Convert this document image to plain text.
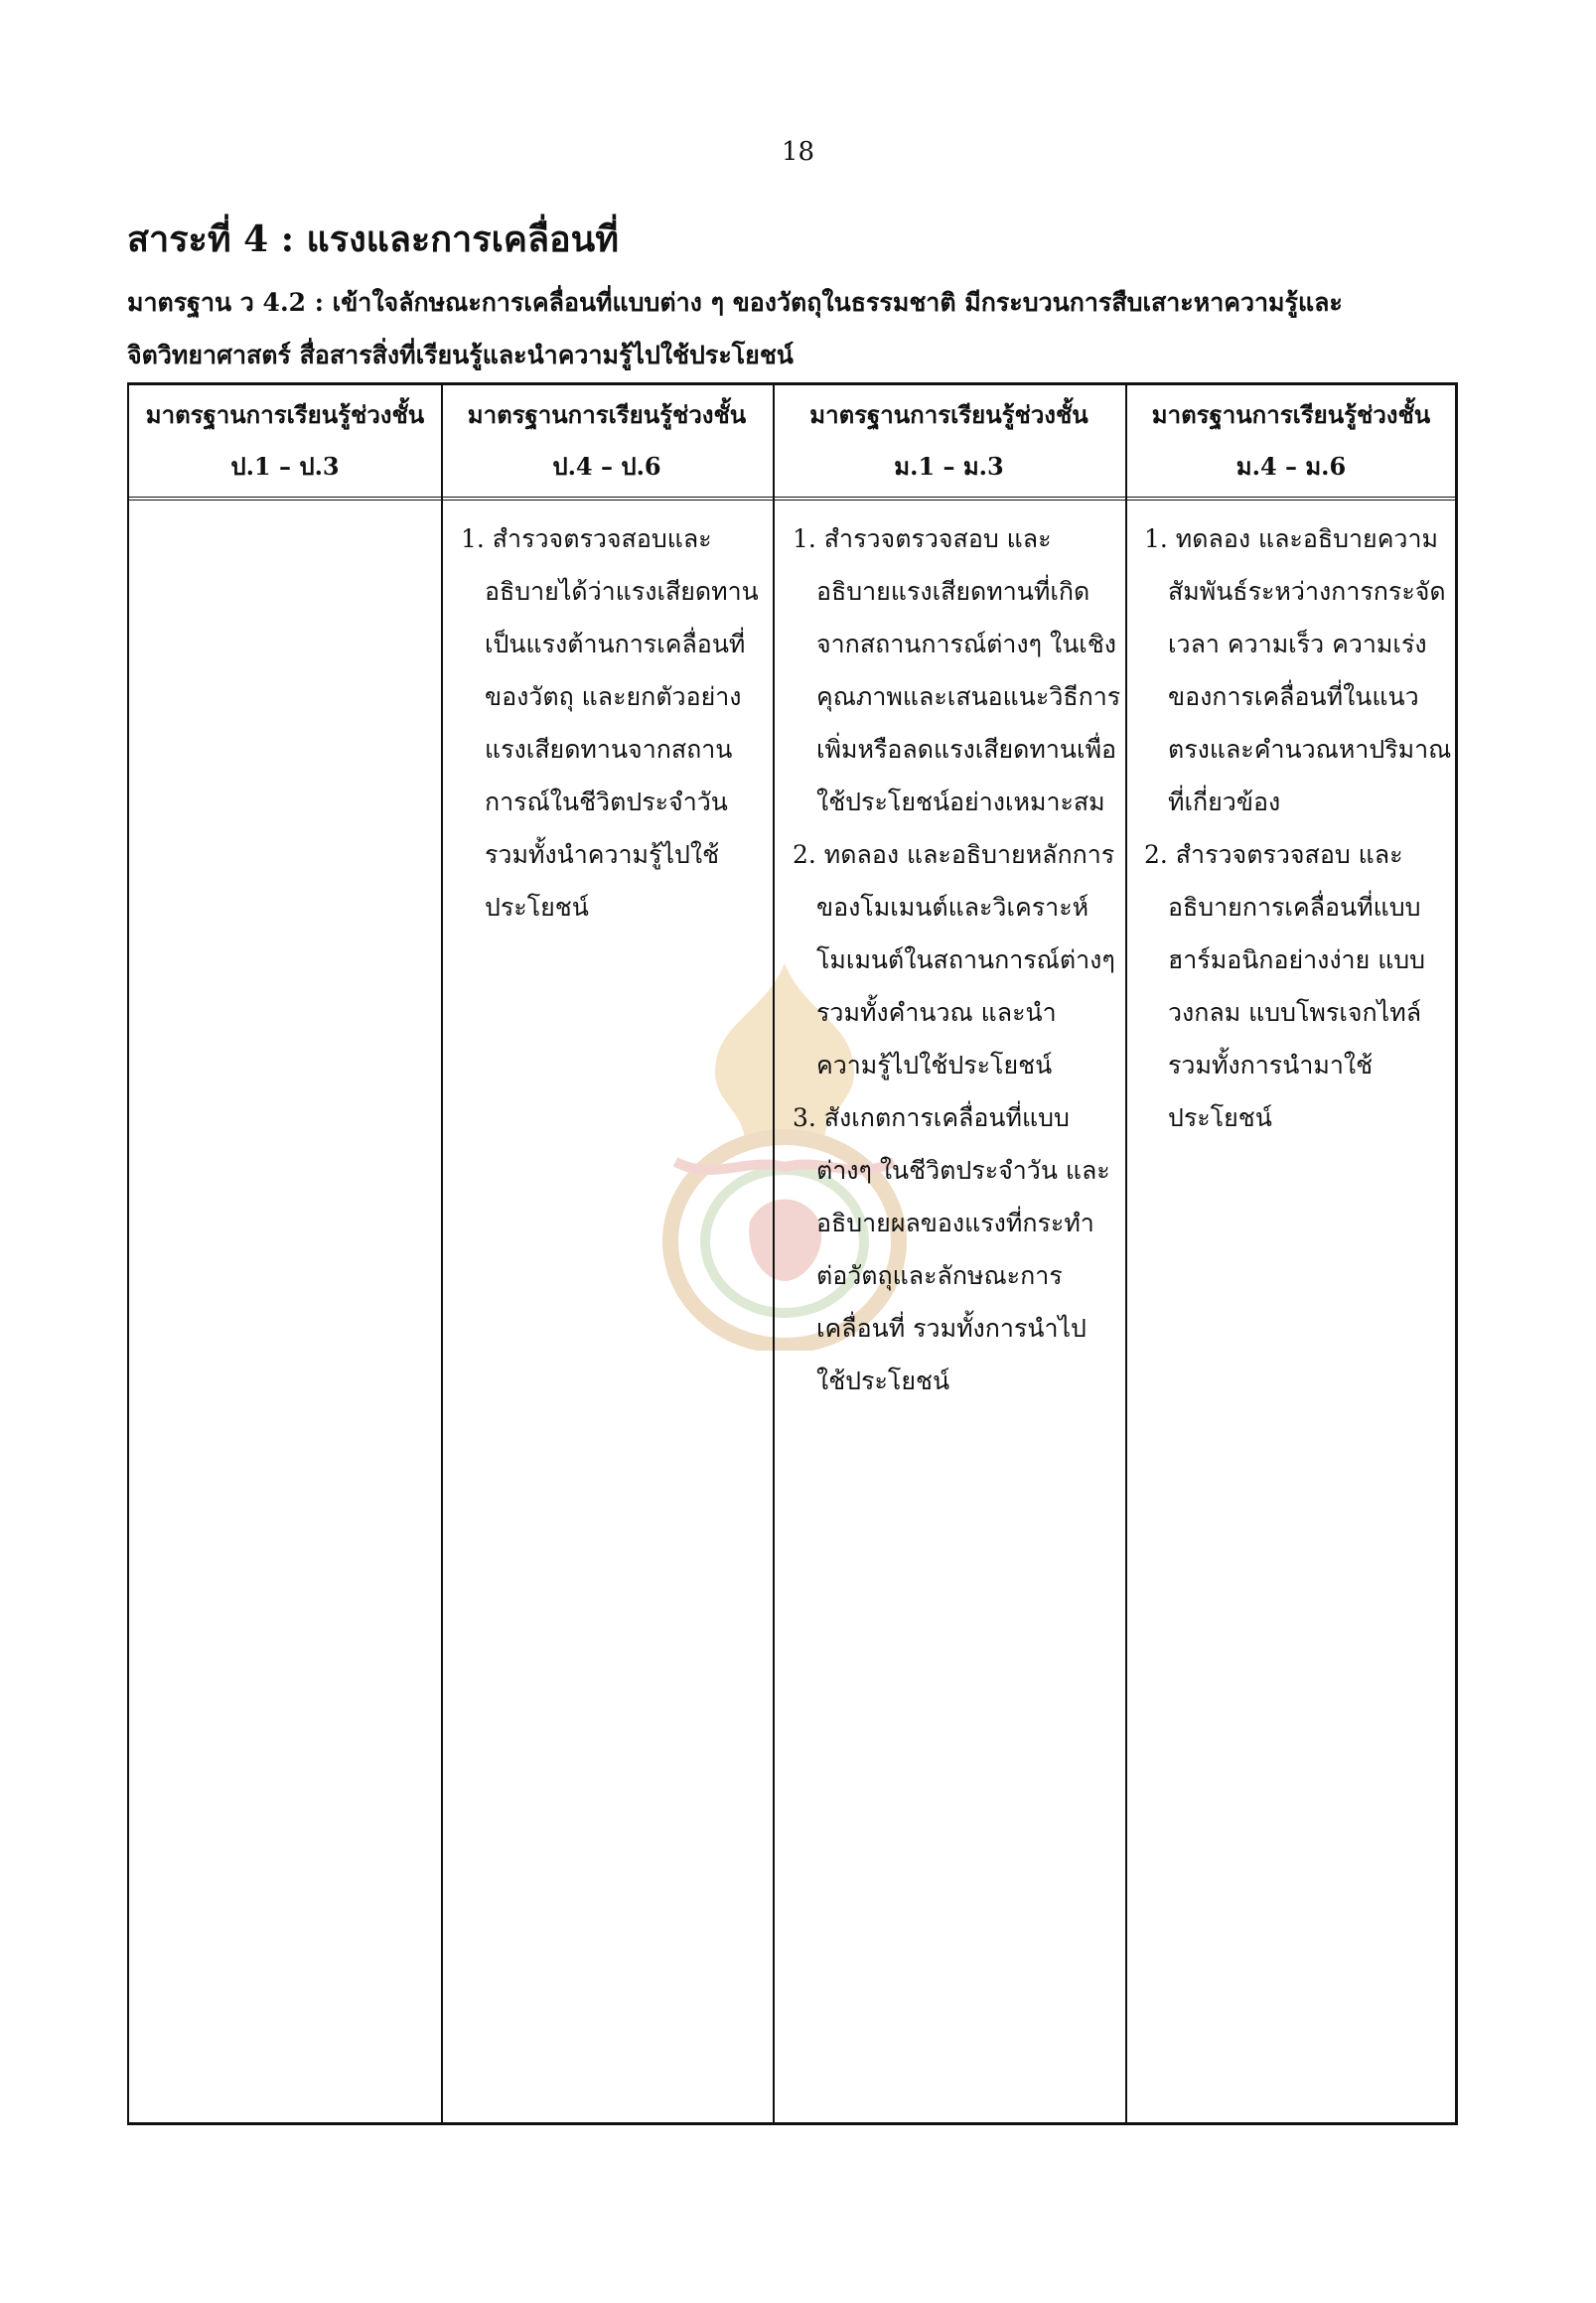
18
สาระที่ 4 : แรงและการเคลื่อนที่
มาตรฐาน ว 4.2 : เข้าใจลักษณะการเคลื่อนที่แบบต่าง ๆ ของวัตถุในธรรมชาติ มีกระบวนการสืบเสาะหาความรู้และ
จิตวิทยาศาสตร์ สื่อสารสิ่งที่เรียนรู้และนำความรู้ไปใช้ประโยชน์
มาตรฐานการเรียนรู้ช่วงชั้น
ป.1 – ป.3
มาตรฐานการเรียนรู้ช่วงชั้น
ป.4 – ป.6
มาตรฐานการเรียนรู้ช่วงชั้น
ม.1 – ม.3
มาตรฐานการเรียนรู้ช่วงชั้น
ม.4 – ม.6
1. สำรวจตรวจสอบและ
อธิบายได้ว่าแรงเสียดทาน
เป็นแรงต้านการเคลื่อนที่
ของวัตถุ และยกตัวอย่าง
แรงเสียดทานจากสถาน
การณ์ในชีวิตประจำวัน
รวมทั้งนำความรู้ไปใช้
ประโยชน์
1. สำรวจตรวจสอบ และ
อธิบายแรงเสียดทานที่เกิด
จากสถานการณ์ต่างๆ ในเชิง
คุณภาพและเสนอแนะวิธีการ
เพิ่มหรือลดแรงเสียดทานเพื่อ
ใช้ประโยชน์อย่างเหมาะสม
2. ทดลอง และอธิบายหลักการ
ของโมเมนต์และวิเคราะห์
โมเมนต์ในสถานการณ์ต่างๆ
รวมทั้งคำนวณ และนำ
ความรู้ไปใช้ประโยชน์
3. สังเกตการเคลื่อนที่แบบ
ต่างๆ ในชีวิตประจำวัน และ
อธิบายผลของแรงที่กระทำ
ต่อวัตถุและลักษณะการ
เคลื่อนที่ รวมทั้งการนำไป
ใช้ประโยชน์
1. ทดลอง และอธิบายความ
สัมพันธ์ระหว่างการกระจัด
เวลา ความเร็ว ความเร่ง
ของการเคลื่อนที่ในแนว
ตรงและคำนวณหาปริมาณ
ที่เกี่ยวข้อง
2. สำรวจตรวจสอบ และ
อธิบายการเคลื่อนที่แบบ
ฮาร์มอนิกอย่างง่าย แบบ
วงกลม แบบโพรเจกไทล์
รวมทั้งการนำมาใช้
ประโยชน์
